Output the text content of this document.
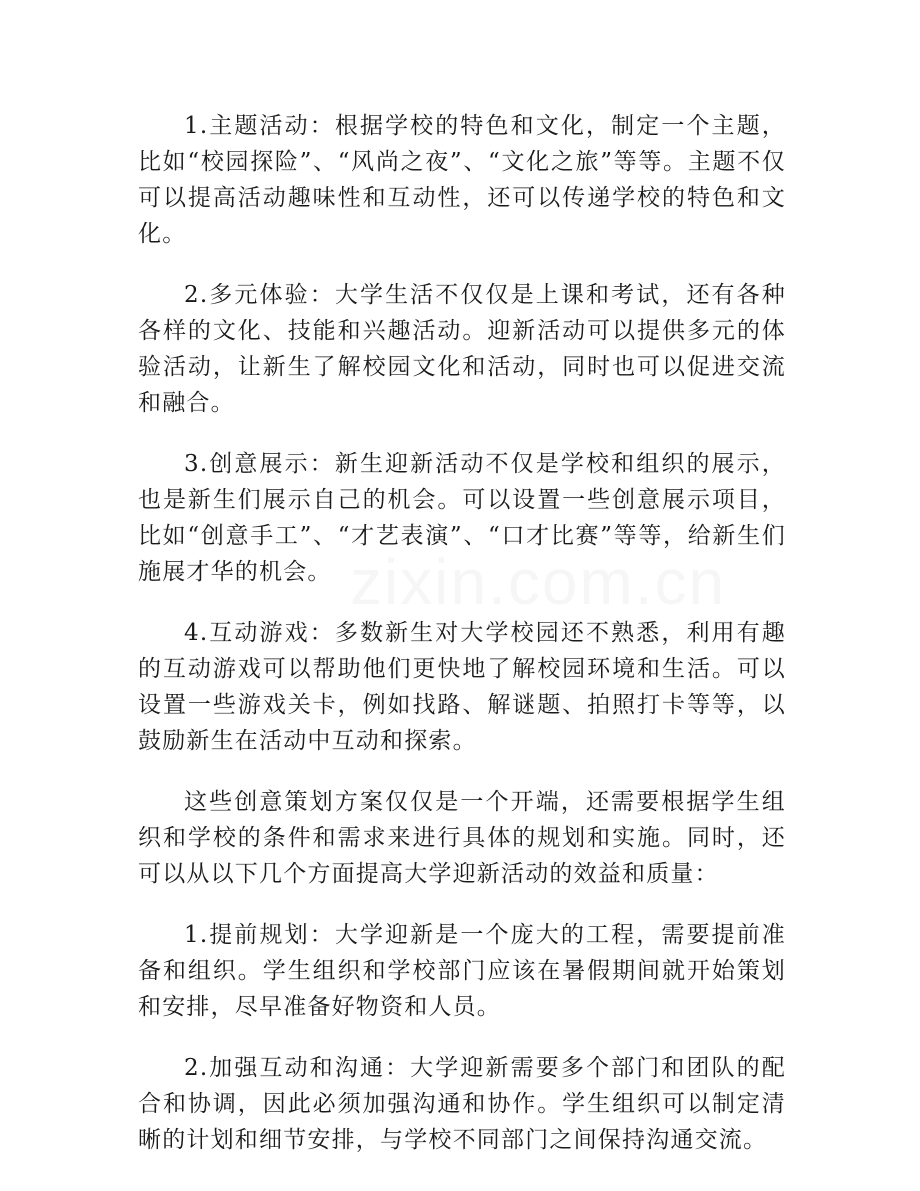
zixin.com.cn

1.主题活动：根据学校的特色和文化，制定一个主题，比如“校园探险”、“风尚之夜”、“文化之旅”等等。主题不仅可以提高活动趣味性和互动性，还可以传递学校的特色和文化。

2.多元体验：大学生活不仅仅是上课和考试，还有各种各样的文化、技能和兴趣活动。迎新活动可以提供多元的体验活动，让新生了解校园文化和活动，同时也可以促进交流和融合。

3.创意展示：新生迎新活动不仅是学校和组织的展示，也是新生们展示自己的机会。可以设置一些创意展示项目，比如“创意手工”、“才艺表演”、“口才比赛”等等，给新生们施展才华的机会。

4.互动游戏：多数新生对大学校园还不熟悉，利用有趣的互动游戏可以帮助他们更快地了解校园环境和生活。可以设置一些游戏关卡，例如找路、解谜题、拍照打卡等等，以鼓励新生在活动中互动和探索。

这些创意策划方案仅仅是一个开端，还需要根据学生组织和学校的条件和需求来进行具体的规划和实施。同时，还可以从以下几个方面提高大学迎新活动的效益和质量：

1.提前规划：大学迎新是一个庞大的工程，需要提前准备和组织。学生组织和学校部门应该在暑假期间就开始策划和安排，尽早准备好物资和人员。

2.加强互动和沟通：大学迎新需要多个部门和团队的配合和协调，因此必须加强沟通和协作。学生组织可以制定清晰的计划和细节安排，与学校不同部门之间保持沟通交流。
